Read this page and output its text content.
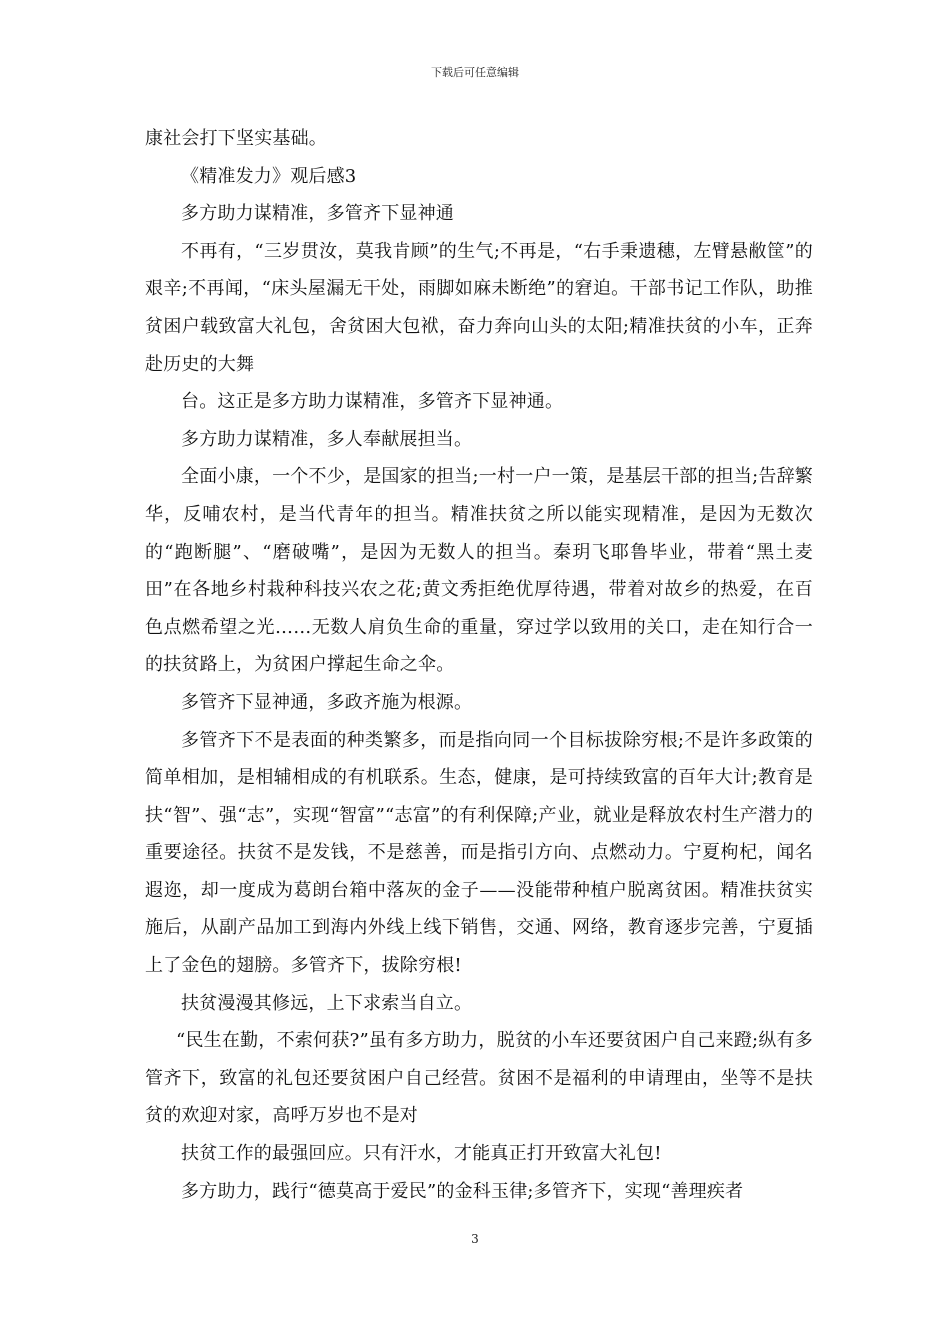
下载后可任意编辑

康社会打下坚实基础。

《精准发力》观后感3

多方助力谋精准，多管齐下显神通

不再有，“三岁贯汝，莫我肯顾”的生气;不再是，“右手秉遗穗，左臂悬敝筐”的艰辛;不再闻，“床头屋漏无干处，雨脚如麻未断绝”的窘迫。干部书记工作队，助推贫困户载致富大礼包，舍贫困大包袱，奋力奔向山头的太阳;精准扶贫的小车，正奔赴历史的大舞

台。这正是多方助力谋精准，多管齐下显神通。

多方助力谋精准，多人奉献展担当。

全面小康，一个不少，是国家的担当;一村一户一策，是基层干部的担当;告辞繁华，反哺农村，是当代青年的担当。精准扶贫之所以能实现精准，是因为无数次的“跑断腿”、“磨破嘴”，是因为无数人的担当。秦玥飞耶鲁毕业，带着“黑土麦田”在各地乡村栽种科技兴农之花;黄文秀拒绝优厚待遇，带着对故乡的热爱，在百色点燃希望之光……无数人肩负生命的重量，穿过学以致用的关口，走在知行合一的扶贫路上，为贫困户撑起生命之伞。

多管齐下显神通，多政齐施为根源。

多管齐下不是表面的种类繁多，而是指向同一个目标拔除穷根;不是许多政策的简单相加，是相辅相成的有机联系。生态，健康，是可持续致富的百年大计;教育是扶“智”、强“志”，实现“智富”“志富”的有利保障;产业，就业是释放农村生产潜力的重要途径。扶贫不是发钱，不是慈善，而是指引方向、点燃动力。宁夏枸杞，闻名遐迩，却一度成为葛朗台箱中落灰的金子——没能带种植户脱离贫困。精准扶贫实施后，从副产品加工到海内外线上线下销售，交通、网络，教育逐步完善，宁夏插上了金色的翅膀。多管齐下，拔除穷根!

扶贫漫漫其修远，上下求索当自立。

“民生在勤，不索何获?”虽有多方助力，脱贫的小车还要贫困户自己来蹬;纵有多管齐下，致富的礼包还要贫困户自己经营。贫困不是福利的申请理由，坐等不是扶贫的欢迎对家，高呼万岁也不是对

扶贫工作的最强回应。只有汗水，才能真正打开致富大礼包!

多方助力，践行“德莫高于爱民”的金科玉律;多管齐下，实现“善理疾者

3
